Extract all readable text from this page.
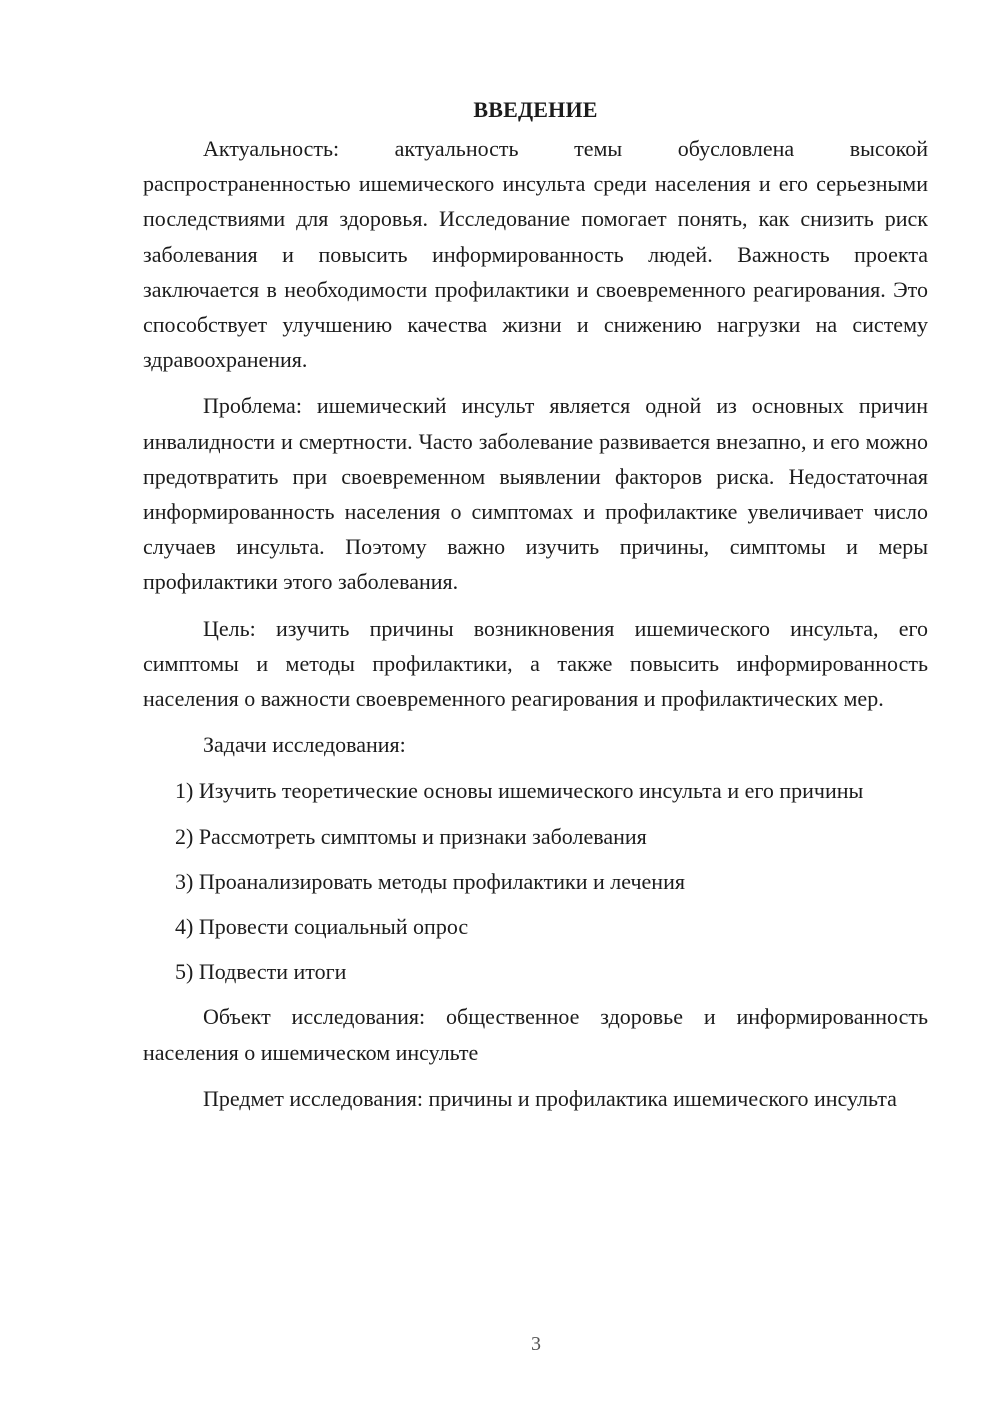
ВВЕДЕНИЕ

Актуальность: актуальность темы обусловлена высокой распространенностью ишемического инсульта среди населения и его серьезными последствиями для здоровья. Исследование помогает понять, как снизить риск заболевания и повысить информированность людей. Важность проекта заключается в необходимости профилактики и своевременного реагирования. Это способствует улучшению качества жизни и снижению нагрузки на систему здравоохранения.

Проблема: ишемический инсульт является одной из основных причин инвалидности и смертности. Часто заболевание развивается внезапно, и его можно предотвратить при своевременном выявлении факторов риска. Недостаточная информированность населения о симптомах и профилактике увеличивает число случаев инсульта. Поэтому важно изучить причины, симптомы и меры профилактики этого заболевания.

Цель: изучить причины возникновения ишемического инсульта, его симптомы и методы профилактики, а также повысить информированность населения о важности своевременного реагирования и профилактических мер.

Задачи исследования:

1) Изучить теоретические основы ишемического инсульта и его причины

2) Рассмотреть симптомы и признаки заболевания

3) Проанализировать методы профилактики и лечения

4) Провести социальный опрос

5) Подвести итоги

Объект исследования: общественное здоровье и информированность населения о ишемическом инсульте

Предмет исследования: причины и профилактика ишемического инсульта

3
